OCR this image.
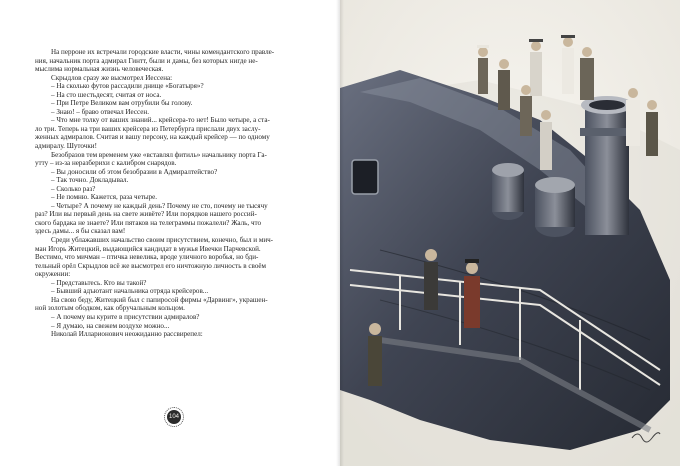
На перроне их встречали городские власти, чины комендантского правле-
ния, начальник порта адмирал Гинтт, были и дамы, без которых нигде не-
мыслима нормальная жизнь человеческая.
Скрыдлов сразу же высмотрел Иессена:
– На сколько футов рассадили днище «Богатыря»?
– На сто шестьдесят, считая от носа.
– При Петре Великом вам отрубили бы голову.
– Знаю! – браво отвечал Иессен.
– Что мне толку от ваших знаний... крейсера-то нет! Было четыре, а ста-
ло три. Теперь на три ваших крейсера из Петербурга прислали двух заслу-
женных адмиралов. Считая и вашу персону, на каждый крейсер — по одному
адмиралу. Шуточки!
Безобразов тем временем уже «вставлял фитиль» начальнику порта Га-
утту – из-за неразберихи с калибром снарядов.
– Вы доносили об этом безобразии в Адмиралтейство?
– Так точно. Докладывал.
– Сколько раз?
– Не помню. Кажется, раза четыре.
– Четыре? А почему не каждый день? Почему не сто, почему не тысячу
раз? Или вы первый день на свете живёте? Или порядков нашего россий-
ского бардака не знаете? Или пятаков на телеграммы пожалели? Жаль, что
здесь дамы... я бы сказал вам!
Среди ублажавших начальство своим присутствием, конечно, был и мич-
ман Игорь Житецкий, выдающийся кандидат в мужья Ивечки Парчевской.
Вестимо, что мичман – птичка невелика, вроде уличного воробья, но бди-
тельный орёл Скрыдлов всё же высмотрел его ничтожную личность в своём
окружении:
– Представьтесь. Кто вы такой?
– Бывший адъютант начальника отряда крейсеров...
На свою беду, Житецкий был с папиросой фирмы «Дарвинг», украшен-
ной золотым ободком, как обручальным кольцом.
– А почему вы курите в присутствии адмиралов?
– Я думаю, на свежем воздухе можно...
Николай Илларионович неожиданно рассвирепел:
104
